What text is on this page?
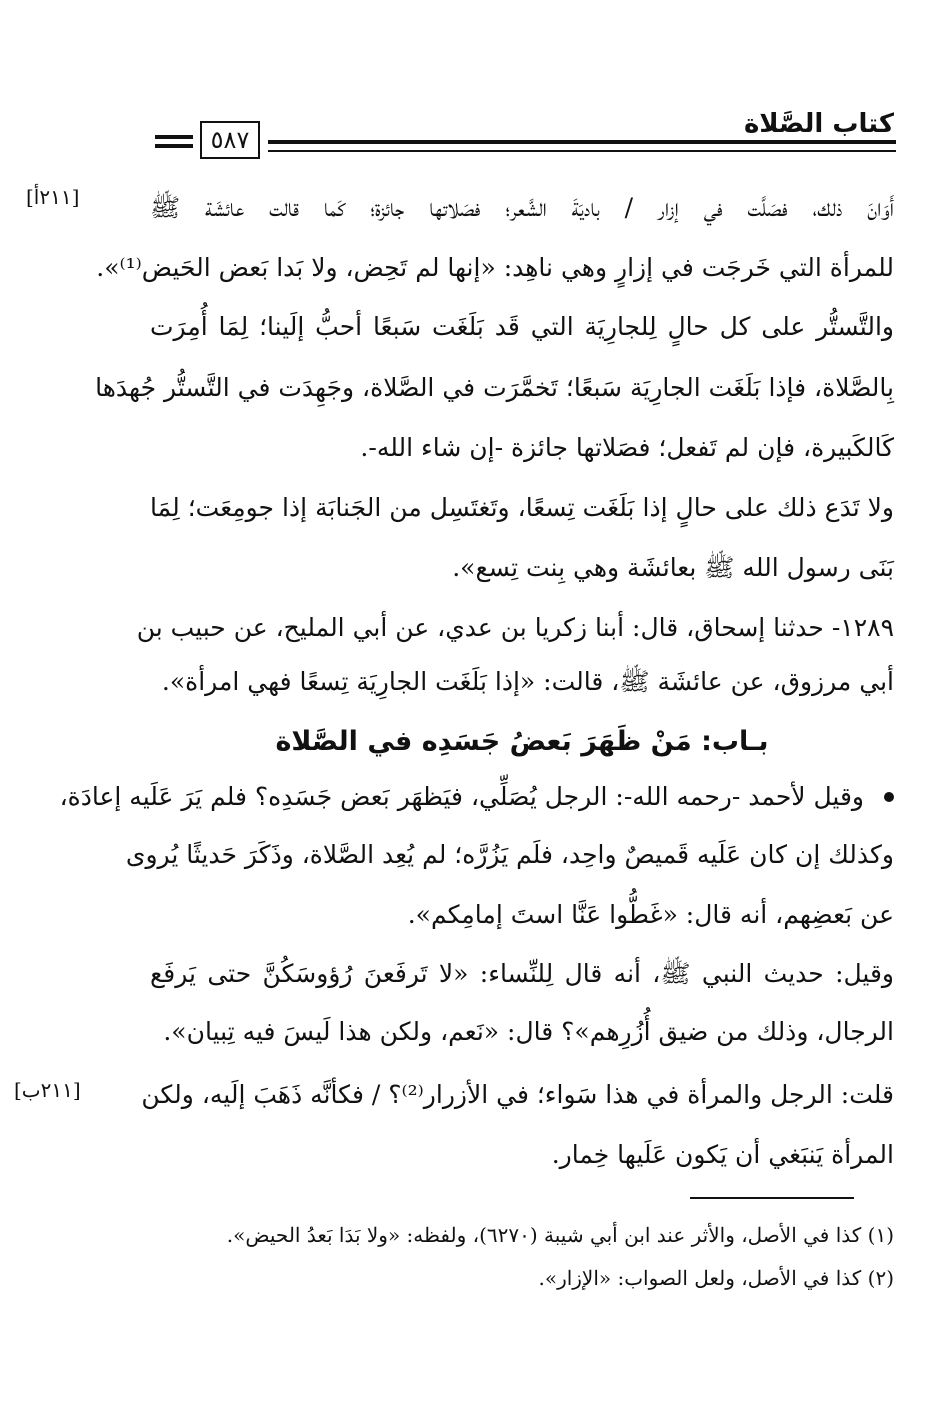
كتاب الصَّلاة
٥٨٧
[٢١١أ]
[٢١١ب]
أَوَانَ ذلك، فصَلَّت في إزار / باديَةَ الشَّعر؛ فصَلاتها جائزة؛ كَما قالت عائشَة ﷺ
للمرأة التي خَرجَت في إزارٍ وهي ناهِد: «إنها لم تَحِض، ولا بَدا بَعض الحَيض⁽¹⁾».
والتَّستُّر على كل حالٍ لِلجارِيَة التي قَد بَلَغَت سَبعًا أحبُّ إلَينا؛ لِمَا أُمِرَت
بِالصَّلاة، فإذا بَلَغَت الجارِيَة سَبعًا؛ تَخمَّرَت في الصَّلاة، وجَهِدَت في التَّستُّر جُهدَها
كَالكَبيرة، فإن لم تَفعل؛ فصَلاتها جائزة -إن شاء الله-.
ولا تَدَع ذلك على حالٍ إذا بَلَغَت تِسعًا، وتَغتَسِل من الجَنابَة إذا جومِعَت؛ لِمَا
بَنَى رسول الله ﷺ بعائشَة وهي بِنت تِسع».
١٢٨٩- حدثنا إسحاق، قال: أبنا زكريا بن عدي، عن أبي المليح، عن حبيب بن
أبي مرزوق، عن عائشَة ﷺ، قالت: «إذا بَلَغَت الجارِيَة تِسعًا فهي امرأة».
بـاب: مَنْ ظَهَرَ بَعضُ جَسَدِه في الصَّلاة
وقيل لأحمد -رحمه الله-: الرجل يُصَلِّي، فيَظهَر بَعض جَسَدِه؟ فلم يَرَ عَلَيه إعادَة،
وكذلك إن كان عَلَيه قَميصٌ واحِد، فلَم يَزُرَّه؛ لم يُعِد الصَّلاة، وذَكَرَ حَديثًا يُروى
عن بَعضِهم، أنه قال: «غَطُّوا عَنَّا استَ إمامِكم».
وقيل: حديث النبي ﷺ، أنه قال لِلنِّساء: «لا تَرفَعنَ رُؤوسَكُنَّ حتى يَرفَع
الرجال، وذلك من ضيق أُزُرِهم»؟ قال: «نَعم، ولكن هذا لَيسَ فيه تِبيان».
قلت: الرجل والمرأة في هذا سَواء؛ في الأزرار⁽²⁾؟ / فكأنَّه ذَهَبَ إلَيه، ولكن
المرأة يَنبَغي أن يَكون عَلَيها خِمار.
(١) كذا في الأصل، والأثر عند ابن أبي شيبة (٦٢٧٠)، ولفظه: «ولا بَدَا بَعدُ الحيض».
(٢) كذا في الأصل، ولعل الصواب: «الإزار».
